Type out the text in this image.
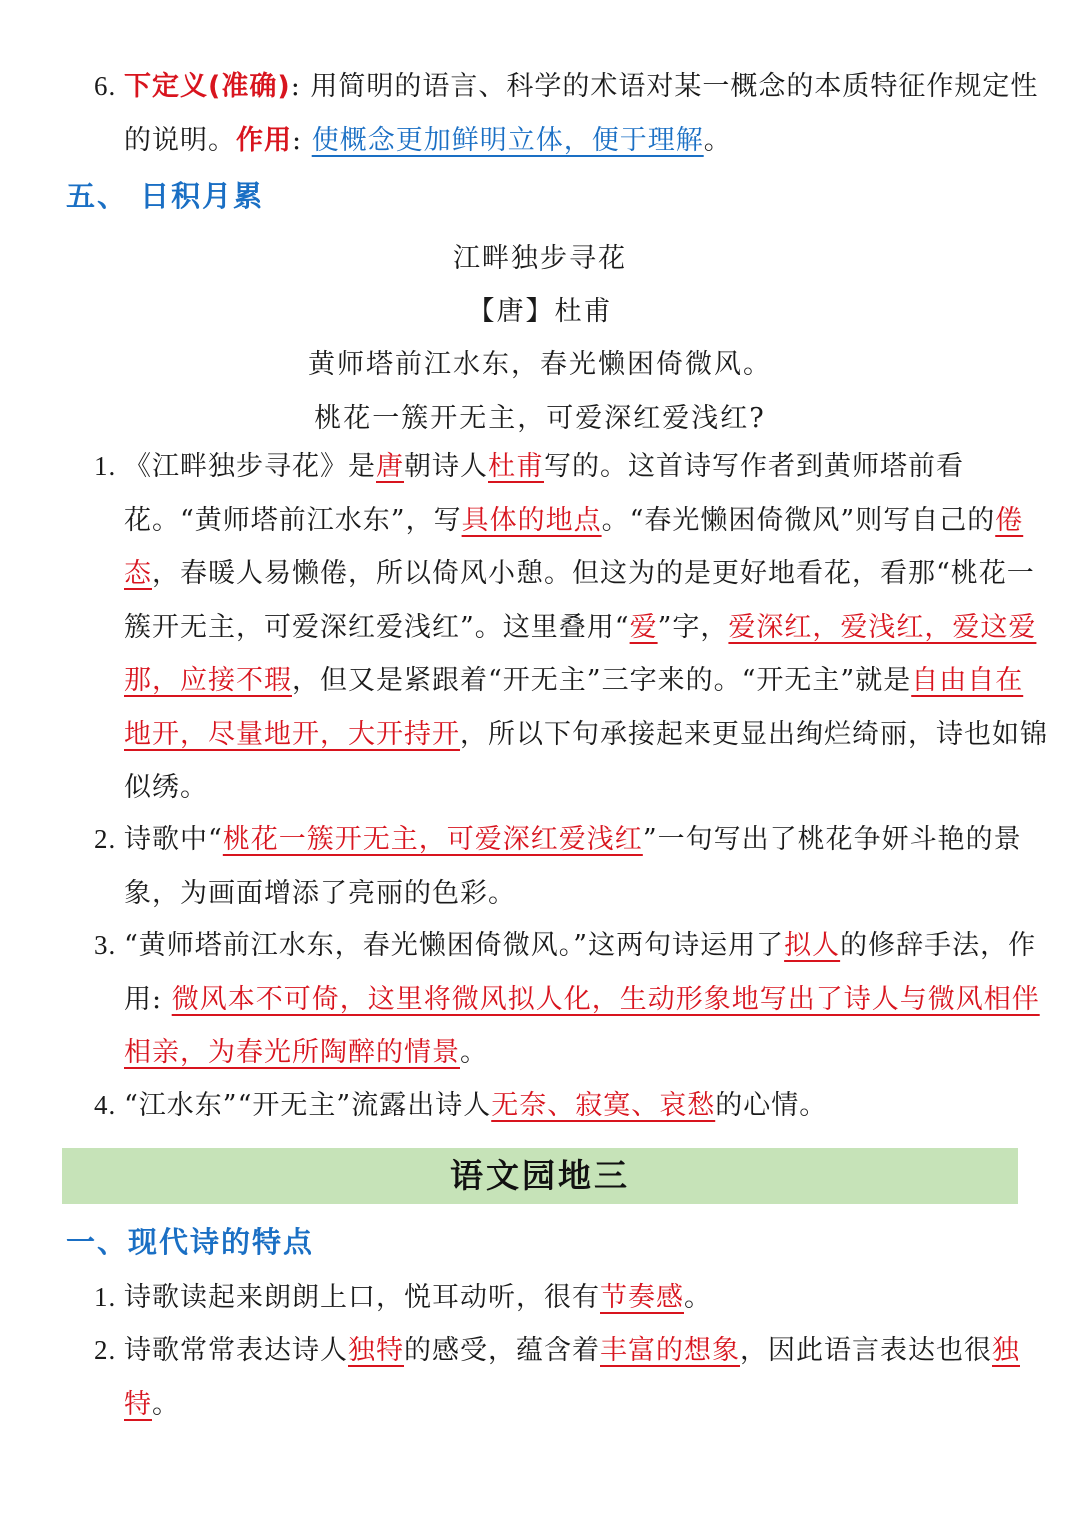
6. 下定义(准确): 用简明的语言、科学的术语对某一概念的本质特征作规定性的说明。作用: 使概念更加鲜明立体，便于理解。
五、 日积月累
江畔独步寻花
【唐】杜甫
黄师塔前江水东，春光懒困倚微风。
桃花一簇开无主，可爱深红爱浅红?
1. 《江畔独步寻花》是唐朝诗人杜甫写的。这首诗写作者到黄师塔前看花。“黄师塔前江水东”，写具体的地点。“春光懒困倚微风”则写自己的倦态，春暖人易懒倦，所以倚风小憩。但这为的是更好地看花，看那“桃花一簇开无主，可爱深红爱浅红”。这里叠用“爱”字，爱深红，爱浅红，爱这爱那，应接不瑕，但又是紧跟着“开无主”三字来的。“开无主”就是自由自在地开，尽量地开，大开持开，所以下句承接起来更显出绚烂绮丽，诗也如锦似绣。
2. 诗歌中“桃花一簇开无主，可爱深红爱浅红”一句写出了桃花争妍斗艳的景象，为画面增添了亮丽的色彩。
3. “黄师塔前江水东，春光懒困倚微风。”这两句诗运用了拟人的修辞手法，作用: 微风本不可倚，这里将微风拟人化，生动形象地写出了诗人与微风相伴相亲，为春光所陶醉的情景。
4. “江水东”“开无主”流露出诗人无奈、寂寞、哀愁的心情。
语文园地三
一、现代诗的特点
1. 诗歌读起来朗朗上口，悦耳动听，很有节奏感。
2. 诗歌常常表达诗人独特的感受，蕴含着丰富的想象，因此语言表达也很独特。
